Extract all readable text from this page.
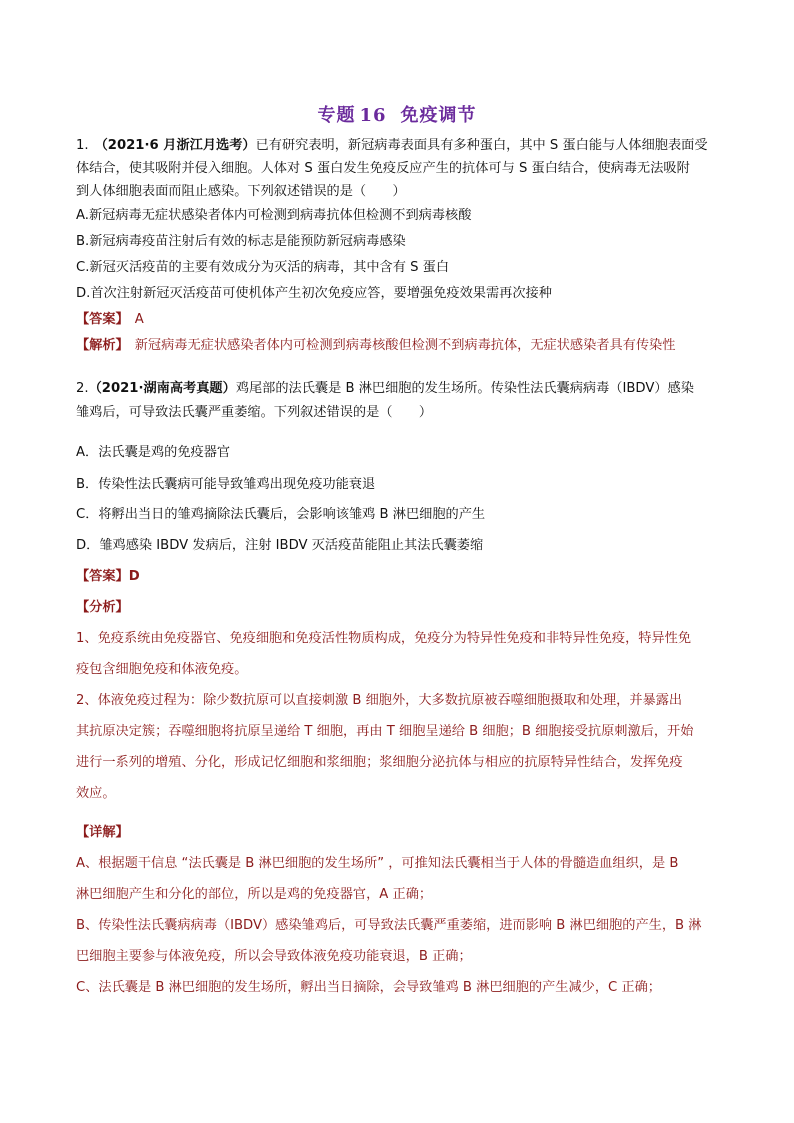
专题 16 免疫调节
1. （2021·6 月浙江月选考）已有研究表明，新冠病毒表面具有多种蛋白，其中 S 蛋白能与人体细胞表面受
体结合，使其吸附并侵入细胞。人体对 S 蛋白发生免疫反应产生的抗体可与 S 蛋白结合，使病毒无法吸附
到人体细胞表面而阻止感染。下列叙述错误的是（　　）
A.新冠病毒无症状感染者体内可检测到病毒抗体但检测不到病毒核酸
B.新冠病毒疫苗注射后有效的标志是能预防新冠病毒感染
C.新冠灭活疫苗的主要有效成分为灭活的病毒，其中含有 S 蛋白
D.首次注射新冠灭活疫苗可使机体产生初次免疫应答，要增强免疫效果需再次接种
【答案】 A
【解析】 新冠病毒无症状感染者体内可检测到病毒核酸但检测不到病毒抗体，无症状感染者具有传染性
2.（2021·湖南高考真题）鸡尾部的法氏囊是 B 淋巴细胞的发生场所。传染性法氏囊病病毒（IBDV）感染
雏鸡后，可导致法氏囊严重萎缩。下列叙述错误的是（　　）
A．法氏囊是鸡的免疫器官
B．传染性法氏囊病可能导致雏鸡出现免疫功能衰退
C．将孵出当日的雏鸡摘除法氏囊后，会影响该雏鸡 B 淋巴细胞的产生
D．雏鸡感染 IBDV 发病后，注射 IBDV 灭活疫苗能阻止其法氏囊萎缩
【答案】D
【分析】
1、免疫系统由免疫器官、免疫细胞和免疫活性物质构成，免疫分为特异性免疫和非特异性免疫，特异性免
疫包含细胞免疫和体液免疫。
2、体液免疫过程为：除少数抗原可以直接刺激 B 细胞外，大多数抗原被吞噬细胞摄取和处理，并暴露出
其抗原决定簇；吞噬细胞将抗原呈递给 T 细胞，再由 T 细胞呈递给 B 细胞；B 细胞接受抗原刺激后，开始
进行一系列的增殖、分化，形成记忆细胞和浆细胞；浆细胞分泌抗体与相应的抗原特异性结合，发挥免疫
效应。
【详解】
A、根据题干信息 “法氏囊是 B 淋巴细胞的发生场所” ，可推知法氏囊相当于人体的骨髓造血组织，是 B
淋巴细胞产生和分化的部位，所以是鸡的免疫器官，A 正确；
B、传染性法氏囊病病毒（IBDV）感染雏鸡后，可导致法氏囊严重萎缩，进而影响 B 淋巴细胞的产生，B 淋
巴细胞主要参与体液免疫，所以会导致体液免疫功能衰退，B 正确；
C、法氏囊是 B 淋巴细胞的发生场所，孵出当日摘除，会导致雏鸡 B 淋巴细胞的产生减少，C 正确；
